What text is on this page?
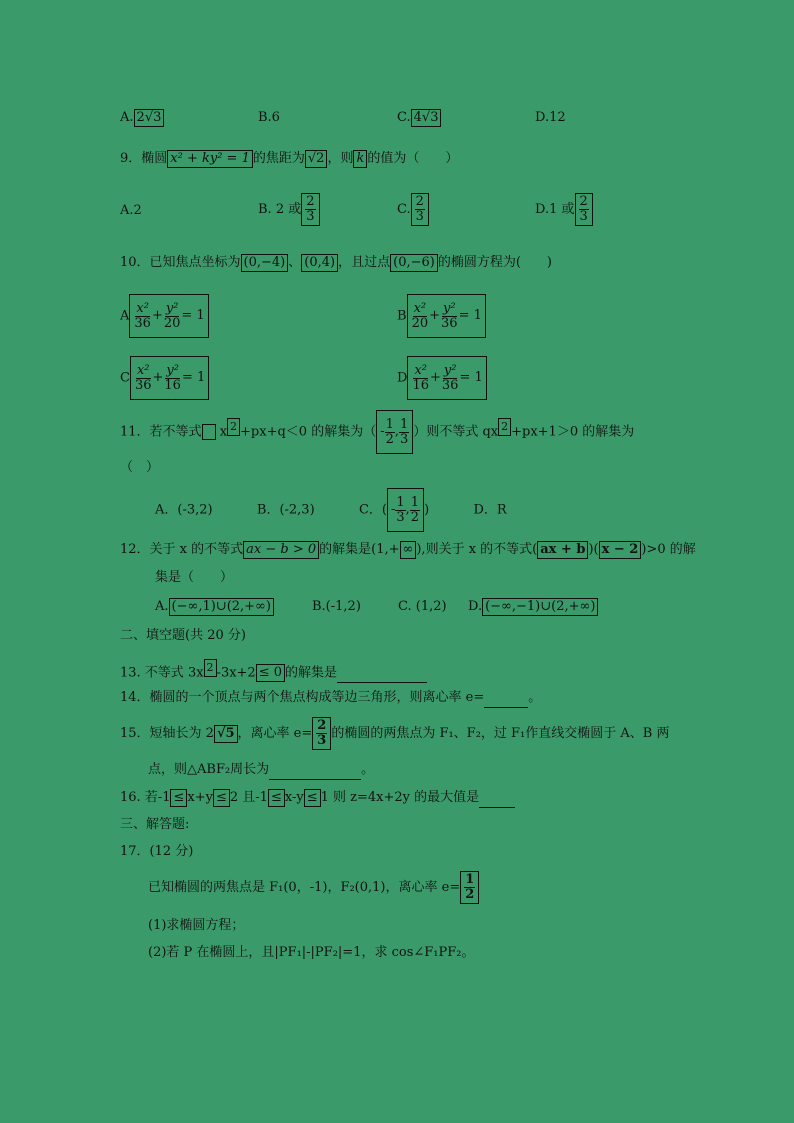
A. 2√3	B.6	C. 4√3	D.12
9．椭圆 x² + ky² = 1 的焦距为 √2 ，则 k 的值为（　　）
A.2	B. 2 或 $\frac{2}{3}$	C. $\frac{2}{3}$	D.1 或 $\frac{2}{3}$
10．已知焦点坐标为 (0,−4) 、 (0,4) ，且过点 (0,−6) 的椭圆方程为(　　)
A $\frac{\text{x²}}{36} + \frac{\text{y²}}{20} = 1$	B $\frac{\text{x²}}{20} + \frac{\text{y²}}{36} = 1$
C $\frac{\text{x²}}{36} + \frac{\text{y²}}{16} = 1$	D $\frac{\text{x²}}{16} + \frac{\text{y²}}{36} = 1$
11．若不等式 x 2 +px+q＜0 的解集为（ - $\frac{1}{2}$ , $\frac{1}{3}$ ）则不等式 qx 2 +px+1＞0 的解集为
（　）
A．(-3,2)	B．(-2,3)	C．( - $\frac{1}{3}$ , $\frac{1}{2}$ )	D．R
12．关于 x 的不等式 ax − b > 0 的解集是(1,+ ∞ ),则关于 x 的不等式( ax + b )( x − 2 )>0 的解
集是（　　）
A. (−∞,1)∪(2,+∞)	B.(-1,2)	C. (1,2) D. (−∞,−1)∪(2,+∞)
二、填空题(共 20 分)
13. 不等式 3x 2 -3x+2 ≤ 0 的解集是
14．椭圆的一个顶点与两个焦点构成等边三角形，则离心率 e=	。
15．短轴长为 2 √5 ，离心率 $e= \frac{2}{3}$ 的椭圆的两焦点为 F₁、F₂，过 F₁作直线交椭圆于 A、B 两
点，则△ABF₂周长为	。
16. 若-1 ≤ x+y ≤ 2 且-1 ≤ x-y ≤ 1 则 z=4x+2y 的最大值是
三、解答题:
17．(12 分)
已知椭圆的两焦点是 F₁(0，-1)，F₂(0,1)，离心率 $e= \frac{1}{2}$
(1)求椭圆方程；
(2)若 P 在椭圆上，且|PF₁|-|PF₂|=1，求 cos∠F₁PF₂。
